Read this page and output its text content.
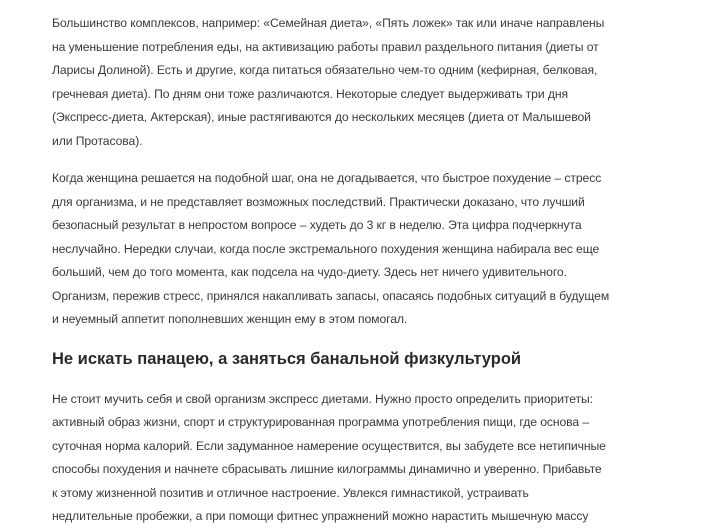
Большинство комплексов, например: «Семейная диета», «Пять ложек» так или иначе направлены
на уменьшение потребления еды, на активизацию работы правил раздельного питания (диеты от
Ларисы Долиной). Есть и другие, когда питаться обязательно чем-то одним (кефирная, белковая,
гречневая диета). По дням они тоже различаются. Некоторые следует выдерживать три дня
(Экспресс-диета, Актерская), иные растягиваются до нескольких месяцев (диета от Малышевой
или Протасова).

Когда женщина решается на подобной шаг, она не догадывается, что быстрое похудение – стресс
для организма, и не представляет возможных последствий. Практически доказано, что лучший
безопасный результат в непростом вопросе – худеть до 3 кг в неделю. Эта цифра подчеркнута
неслучайно. Нередки случаи, когда после экстремального похудения женщина набирала вес еще
больший, чем до того момента, как подсела на чудо-диету. Здесь нет ничего удивительного.
Организм, пережив стресс, принялся накапливать запасы, опасаясь подобных ситуаций в будущем
и неуемный аппетит пополневших женщин ему в этом помогал.

Не искать панацею, а заняться банальной физкультурой

Не стоит мучить себя и свой организм экспресс диетами. Нужно просто определить приоритеты:
активный образ жизни, спорт и структурированная программа употребления пищи, где основа –
суточная норма калорий. Если задуманное намерение осуществится, вы забудете все нетипичные
способы похудения и начнете сбрасывать лишние килограммы динамично и уверенно. Прибавьте
к этому жизненной позитив и отличное настроение. Увлекся гимнастикой, устраивать
недлительные пробежки, а при помощи фитнес упражнений можно нарастить мышечную массу
